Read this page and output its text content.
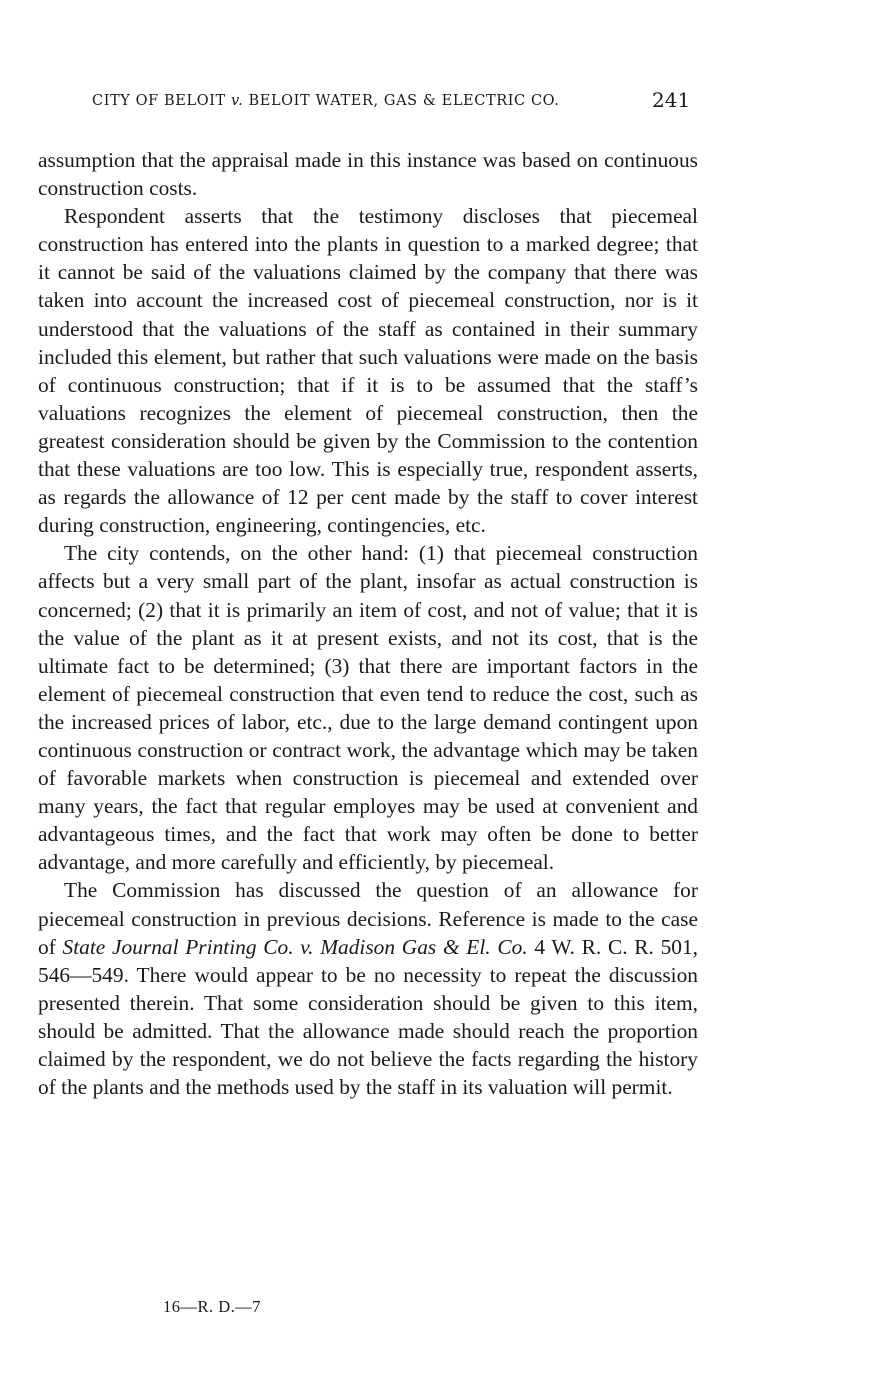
CITY OF BELOIT v. BELOIT WATER, GAS & ELECTRIC CO.	241

assumption that the appraisal made in this instance was based on continuous construction costs.

Respondent asserts that the testimony discloses that piecemeal construction has entered into the plants in question to a marked degree; that it cannot be said of the valuations claimed by the company that there was taken into account the increased cost of piecemeal construction, nor is it understood that the valuations of the staff as contained in their summary included this element, but rather that such valuations were made on the basis of continuous construction; that if it is to be assumed that the staff’s valuations recognizes the element of piecemeal construction, then the greatest consideration should be given by the Commission to the contention that these valuations are too low. This is especially true, respondent asserts, as regards the allowance of 12 per cent made by the staff to cover interest during construction, engineering, contingencies, etc.

The city contends, on the other hand: (1) that piecemeal construction affects but a very small part of the plant, insofar as actual construction is concerned; (2) that it is primarily an item of cost, and not of value; that it is the value of the plant as it at present exists, and not its cost, that is the ultimate fact to be determined; (3) that there are important factors in the element of piecemeal construction that even tend to reduce the cost, such as the increased prices of labor, etc., due to the large demand contingent upon continuous construction or contract work, the advantage which may be taken of favorable markets when construction is piecemeal and extended over many years, the fact that regular employes may be used at convenient and advantageous times, and the fact that work may often be done to better advantage, and more carefully and efficiently, by piecemeal.

The Commission has discussed the question of an allowance for piecemeal construction in previous decisions. Reference is made to the case of State Journal Printing Co. v. Madison Gas & El. Co. 4 W. R. C. R. 501, 546—549. There would appear to be no necessity to repeat the discussion presented therein. That some consideration should be given to this item, should be admitted. That the allowance made should reach the proportion claimed by the respondent, we do not believe the facts regarding the history of the plants and the methods used by the staff in its valuation will permit.

16—R. D.—7
